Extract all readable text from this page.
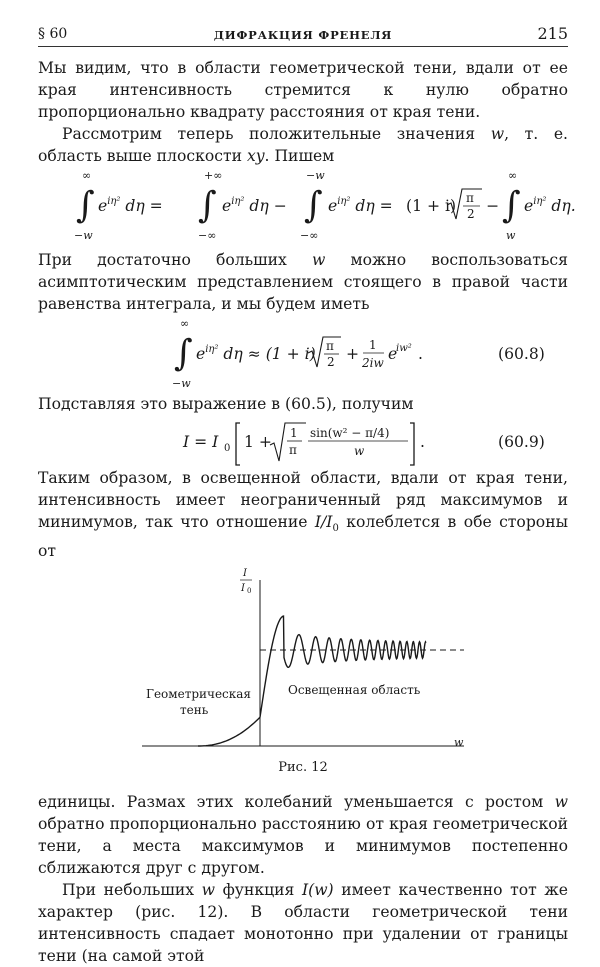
§ 60	ДИФРАКЦИЯ ФРЕНЕЛЯ	215

Мы видим, что в области геометрической тени, вдали от ее края интенсивность стремится к нулю обратно пропорционально квадрату расстояния от края тени.

Рассмотрим теперь положительные значения w, т. е. область выше плоскости xy. Пишем

∫
∞
−w
$e^{i\eta^2}$ dη = ∫
+∞
−∞
$e^{i\eta^2}$ dη − ∫
−w
−∞
$e^{i\eta^2}$ dη = (1 + i) π
2 − ∫
∞
w
$e^{i\eta^2}$ dη.

При достаточно больших w можно воспользоваться асимптотическим представлением стоящего в правой части равенства интеграла, и мы будем иметь

∫
∞
−w
$e^{i\eta^2}$ dη ≈ (1 + i) π
2 + 1
2iw e
iw² .	(60.8)

Подставляя это выражение в (60.5), получим

I = I 0 1 + 1
π
sin(w² − π/4)
w	.	(60.9)

Таким образом, в освещенной области, вдали от края тени, интенсивность имеет неограниченный ряд максимумов и минимумов, так что отношение $I/I_0$ колеблется в обе стороны от

I
I 0
w
Геометрическая
тень
Освещенная область
Рис. 12

единицы. Размах этих колебаний уменьшается с ростом w обратно пропорционально расстоянию от края геометрической тени, а места максимумов и минимумов постепенно сближаются друг с другом.

При небольших w функция I(w) имеет качественно тот же характер (рис. 12). В области геометрической тени интенсивность спадает монотонно при удалении от границы тени (на самой этой
